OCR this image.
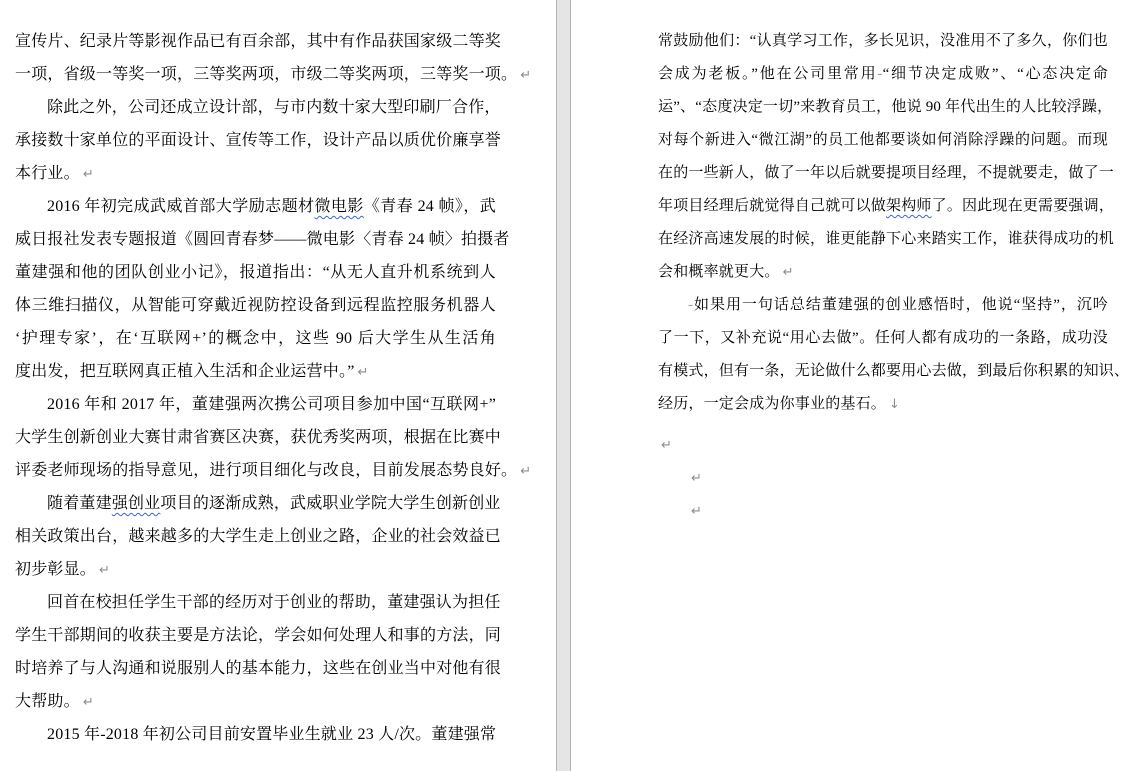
宣传片、纪录片等影视作品已有百余部，其中有作品获国家级二等奖
一项，省级一等奖一项，三等奖两项，市级二等奖两项，三等奖一项。 ↵
除此之外，公司还成立设计部，与市内数十家大型印刷厂合作，
承接数十家单位的平面设计、宣传等工作，设计产品以质优价廉享誉
本行业。 ↵
2016 年初完成武威首部大学励志题材微电影《青春 24 帧》，武
威日报社发表专题报道《圆回青春梦——微电影〈青春 24 帧〉拍摄者
董建强和他的团队创业小记》，报道指出：“从无人直升机系统到人
体三维扫描仪，从智能可穿戴近视防控设备到远程监控服务机器人
‘护理专家’，在‘互联网+’的概念中，这些 90 后大学生从生活角
度出发，把互联网真正植入生活和企业运营中。” ↵
2016 年和 2017 年，董建强两次携公司项目参加中国“互联网+”
大学生创新创业大赛甘肃省赛区决赛，获优秀奖两项，根据在比赛中
评委老师现场的指导意见，进行项目细化与改良，目前发展态势良好。 ↵
随着董建强创业项目的逐渐成熟，武威职业学院大学生创新创业
相关政策出台，越来越多的大学生走上创业之路，企业的社会效益已
初步彰显。 ↵
回首在校担任学生干部的经历对于创业的帮助，董建强认为担任
学生干部期间的收获主要是方法论，学会如何处理人和事的方法，同
时培养了与人沟通和说服别人的基本能力，这些在创业当中对他有很
大帮助。 ↵
2015 年-2018 年初公司目前安置毕业生就业 23 人/次。董建强常
常鼓励他们：“认真学习工作，多长见识，没准用不了多久，你们也
会成为老板。”他在公司里常用-“细节决定成败”、“心态决定命
运”、“态度决定一切”来教育员工，他说 90 年代出生的人比较浮躁，
对每个新进入“微江湖”的员工他都要谈如何消除浮躁的问题。而现
在的一些新人，做了一年以后就要提项目经理，不提就要走，做了一
年项目经理后就觉得自己就可以做架构师了。因此现在更需要强调，
在经济高速发展的时候，谁更能静下心来踏实工作，谁获得成功的机
会和概率就更大。 ↵
-如果用一句话总结董建强的创业感悟时，他说“坚持”，沉吟
了一下，又补充说“用心去做”。任何人都有成功的一条路，成功没
有模式，但有一条，无论做什么都要用心去做，到最后你积累的知识、
经历，一定会成为你事业的基石。 ↓
↵
↵
↵
